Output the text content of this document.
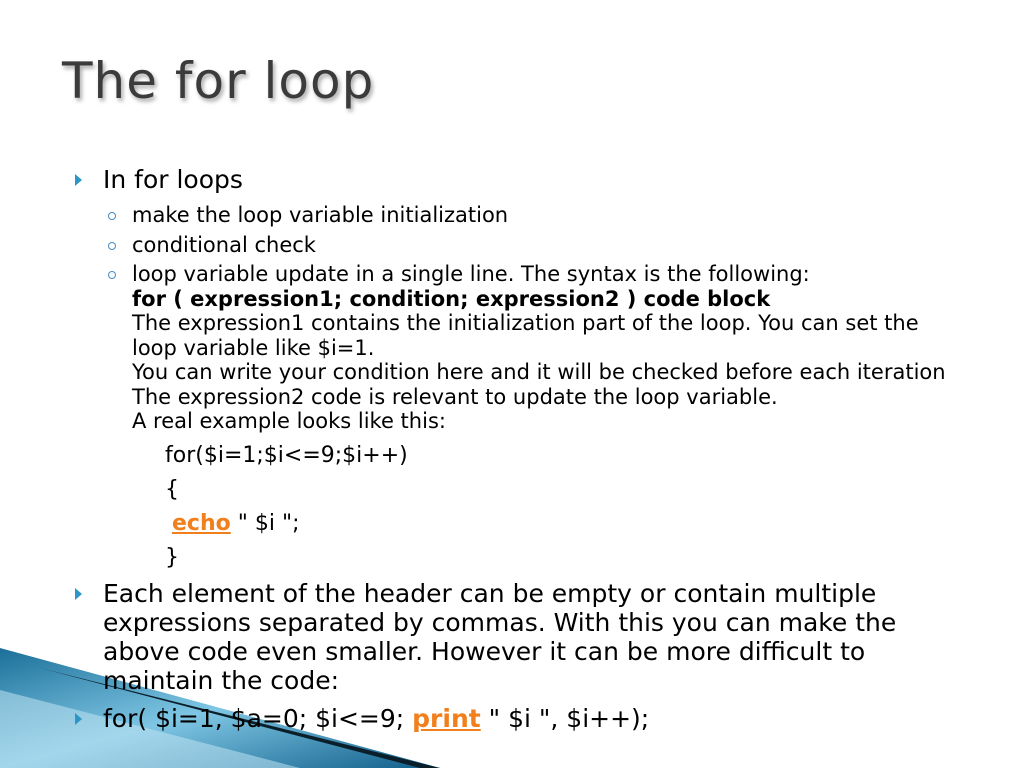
The for loop
In for loops
make the loop variable initialization
conditional check
loop variable update in a single line. The syntax is the following:
for ( expression1; condition; expression2 ) code block
The expression1 contains the initialization part of the loop. You can set the loop variable like $i=1.
You can write your condition here and it will be checked before each iteration
The expression2 code is relevant to update the loop variable.
A real example looks like this:
for($i=1;$i<=9;$i++)
{
echo " $i ";
}
Each element of the header can be empty or contain multiple expressions separated by commas. With this you can make the above code even smaller. However it can be more difficult to maintain the code:
for( $i=1, $a=0; $i<=9; print " $i ", $i++);
